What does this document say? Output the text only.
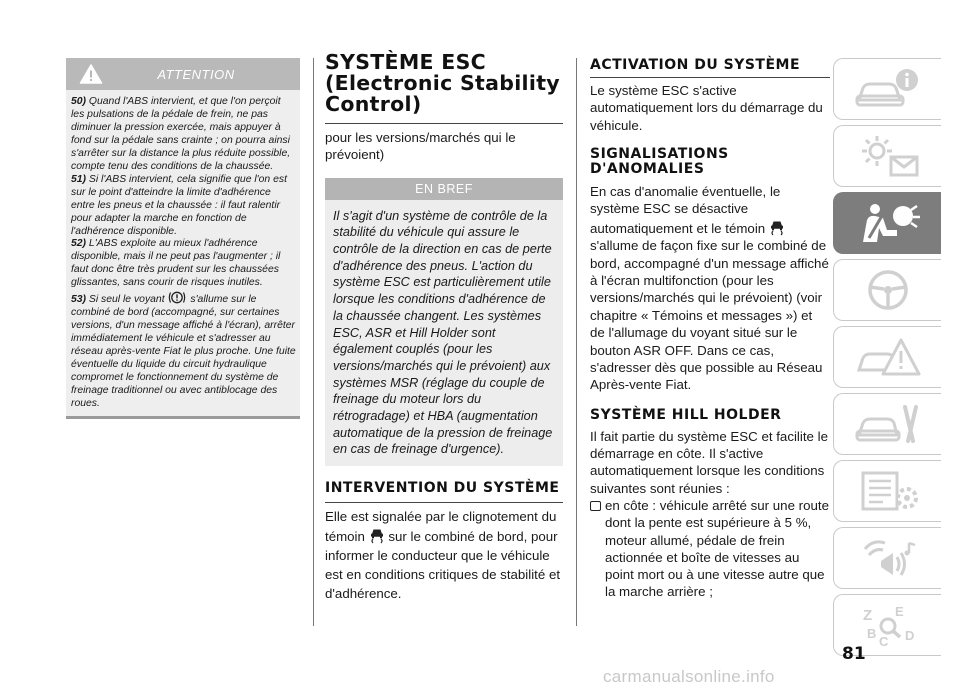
ATTENTION

50) Quand l'ABS intervient, et que l'on perçoit les pulsations de la pédale de frein, ne pas diminuer la pression exercée, mais appuyer à fond sur la pédale sans crainte ; on pourra ainsi s'arrêter sur la distance la plus réduite possible, compte tenu des conditions de la chaussée.

51) Si l'ABS intervient, cela signifie que l'on est sur le point d'atteindre la limite d'adhérence entre les pneus et la chaussée : il faut ralentir pour adapter la marche en fonction de l'adhérence disponible.

52) L'ABS exploite au mieux l'adhérence disponible, mais il ne peut pas l'augmenter ; il faut donc être très prudent sur les chaussées glissantes, sans courir de risques inutiles.

53) Si seul le voyant s'allume sur le combiné de bord (accompagné, sur certaines versions, d'un message affiché à l'écran), arrêter immédiatement le véhicule et s'adresser au réseau après-vente Fiat le plus proche. Une fuite éventuelle du liquide du circuit hydraulique compromet le fonctionnement du système de freinage traditionnel ou avec antiblocage des roues.

SYSTÈME ESC (Electronic Stability Control)

pour les versions/marchés qui le prévoient)

EN BREF

Il s'agit d'un système de contrôle de la stabilité du véhicule qui assure le contrôle de la direction en cas de perte d'adhérence des pneus. L'action du système ESC est particulièrement utile lorsque les conditions d'adhérence de la chaussée changent. Les systèmes ESC, ASR et Hill Holder sont également couplés (pour les versions/marchés qui le prévoient) aux systèmes MSR (réglage du couple de freinage du moteur lors du rétrogradage) et HBA (augmentation automatique de la pression de freinage en cas de freinage d'urgence).

INTERVENTION DU SYSTÈME

Elle est signalée par le clignotement du témoin sur le combiné de bord, pour informer le conducteur que le véhicule est en conditions critiques de stabilité et d'adhérence.

ACTIVATION DU SYSTÈME

Le système ESC s'active automatiquement lors du démarrage du véhicule.

SIGNALISATIONS D'ANOMALIES

En cas d'anomalie éventuelle, le système ESC se désactive automatiquement et le témoin  s'allume de façon fixe sur le combiné de bord, accompagné d'un message affiché à l'écran multifonction (pour les versions/marchés qui le prévoient) (voir chapitre « Témoins et messages ») et de l'allumage du voyant situé sur le bouton ASR OFF. Dans ce cas, s'adresser dès que possible au Réseau Après-vente Fiat.

SYSTÈME HILL HOLDER

Il fait partie du système ESC et facilite le démarrage en côte. Il s'active automatiquement lorsque les conditions suivantes sont réunies :

en côte : véhicule arrêté sur une route dont la pente est supérieure à 5 %, moteur allumé, pédale de frein actionnée et boîte de vitesses au point mort ou à une vitesse autre que la marche arrière ;

Z E
B
C D
81
carmanualsonline.info
